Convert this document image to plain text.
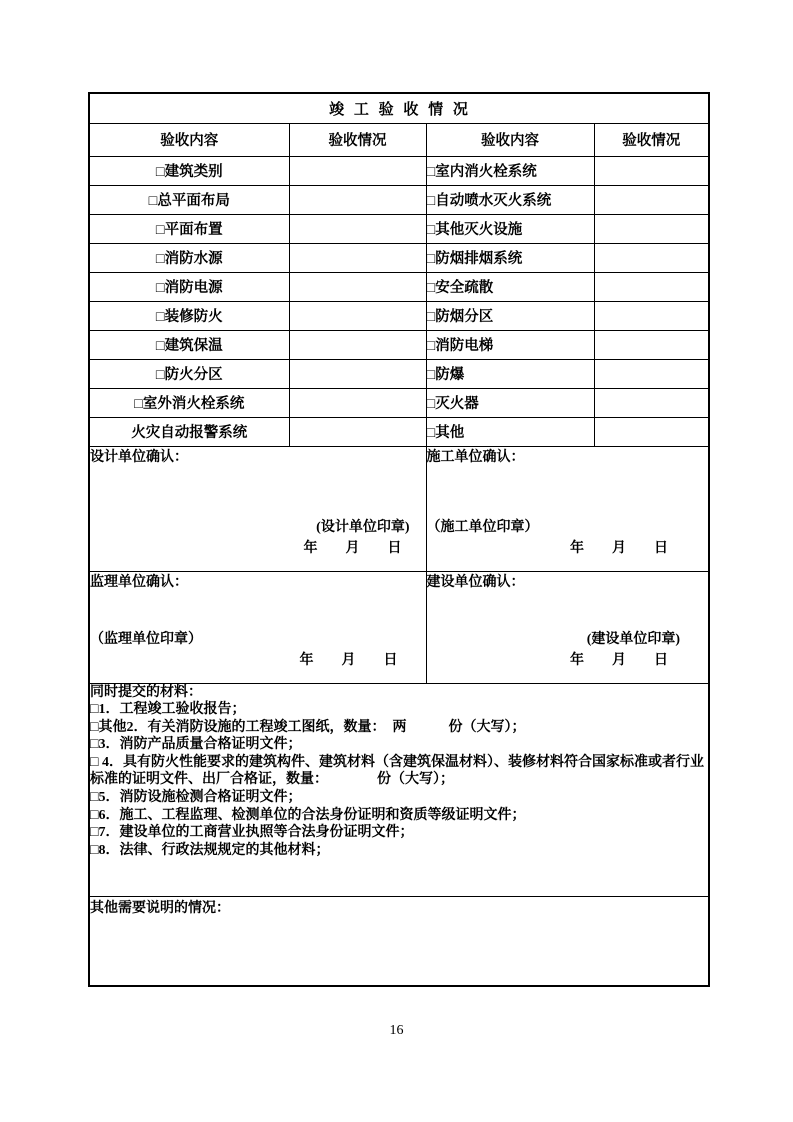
竣 工 验 收 情 况			
验收内容	验收情况	验收内容	验收情况
□建筑类别		□室内消火栓系统	
□总平面布局		□自动喷水灭火系统	
□平面布置		□其他灭火设施	
□消防水源		□防烟排烟系统	
□消防电源		□安全疏散	
□装修防火		□防烟分区	
□建筑保温		□消防电梯	
□防火分区		□防爆	
□室外消火栓系统		□灭火器	
火灾自动报警系统		□其他	

设计单位确认：
(设计单位印章)
年　　月　　日

施工单位确认：
（施工单位印章）
年　　月　　日

监理单位确认：
（监理单位印章）
年　　月　　日

建设单位确认：
(建设单位印章)
年　　月　　日

同时提交的材料：
□1．工程竣工验收报告；
□其他2．有关消防设施的工程竣工图纸，数量：　两　　　份（大写）；
□3．消防产品质量合格证明文件；
□ 4．具有防火性能要求的建筑构件、建筑材料（含建筑保温材料）、装修材料符合国家标准或者行业标准的证明文件、出厂合格证，数量：　　　　份（大写）；
□5．消防设施检测合格证明文件；
□6．施工、工程监理、检测单位的合法身份证明和资质等级证明文件；
□7．建设单位的工商营业执照等合法身份证明文件；
□8．法律、行政法规规定的其他材料；

其他需要说明的情况：			
16
